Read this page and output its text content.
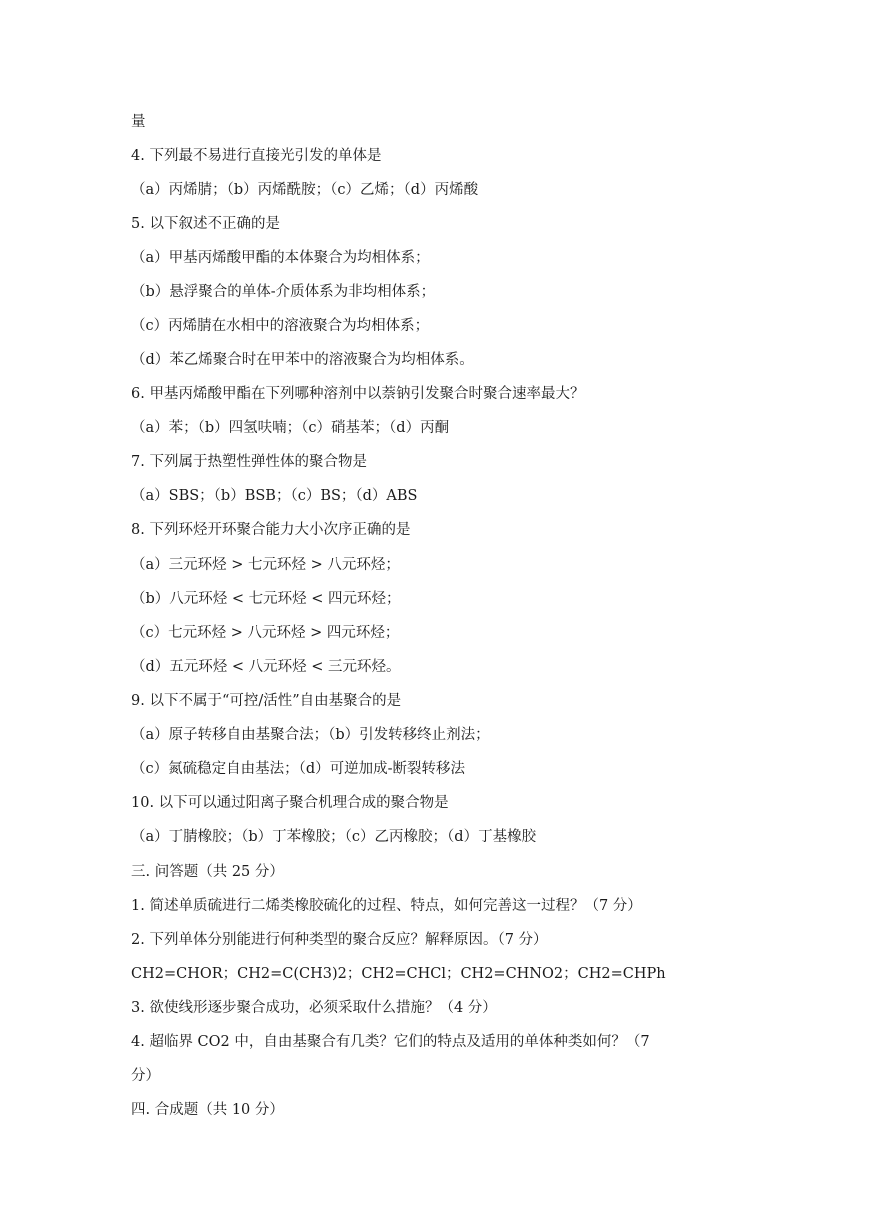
量
4. 下列最不易进行直接光引发的单体是
（a）丙烯腈；（b）丙烯酰胺；（c）乙烯；（d）丙烯酸
5. 以下叙述不正确的是
（a）甲基丙烯酸甲酯的本体聚合为均相体系；
（b）悬浮聚合的单体-介质体系为非均相体系；
（c）丙烯腈在水相中的溶液聚合为均相体系；
（d）苯乙烯聚合时在甲苯中的溶液聚合为均相体系。
6. 甲基丙烯酸甲酯在下列哪种溶剂中以萘钠引发聚合时聚合速率最大？
（a）苯；（b）四氢呋喃；（c）硝基苯；（d）丙酮
7. 下列属于热塑性弹性体的聚合物是
（a）SBS；（b）BSB；（c）BS；（d）ABS
8. 下列环烃开环聚合能力大小次序正确的是
（a）三元环烃 > 七元环烃 > 八元环烃；
（b）八元环烃 < 七元环烃 < 四元环烃；
（c）七元环烃 > 八元环烃 > 四元环烃；
（d）五元环烃 < 八元环烃 < 三元环烃。
9. 以下不属于“可控/活性”自由基聚合的是
（a）原子转移自由基聚合法；（b）引发转移终止剂法；
（c）氮硫稳定自由基法；（d）可逆加成-断裂转移法
10. 以下可以通过阳离子聚合机理合成的聚合物是
（a）丁腈橡胶；（b）丁苯橡胶；（c）乙丙橡胶；（d）丁基橡胶
三. 问答题（共 25 分）
1. 简述单质硫进行二烯类橡胶硫化的过程、特点，如何完善这一过程？（7 分）
2. 下列单体分别能进行何种类型的聚合反应？解释原因。（7 分）
CH2=CHOR；CH2=C(CH3)2；CH2=CHCl；CH2=CHNO2；CH2=CHPh
3. 欲使线形逐步聚合成功，必须采取什么措施？（4 分）
4. 超临界 CO2 中，自由基聚合有几类？它们的特点及适用的单体种类如何？（7
分）
四. 合成题（共 10 分）
